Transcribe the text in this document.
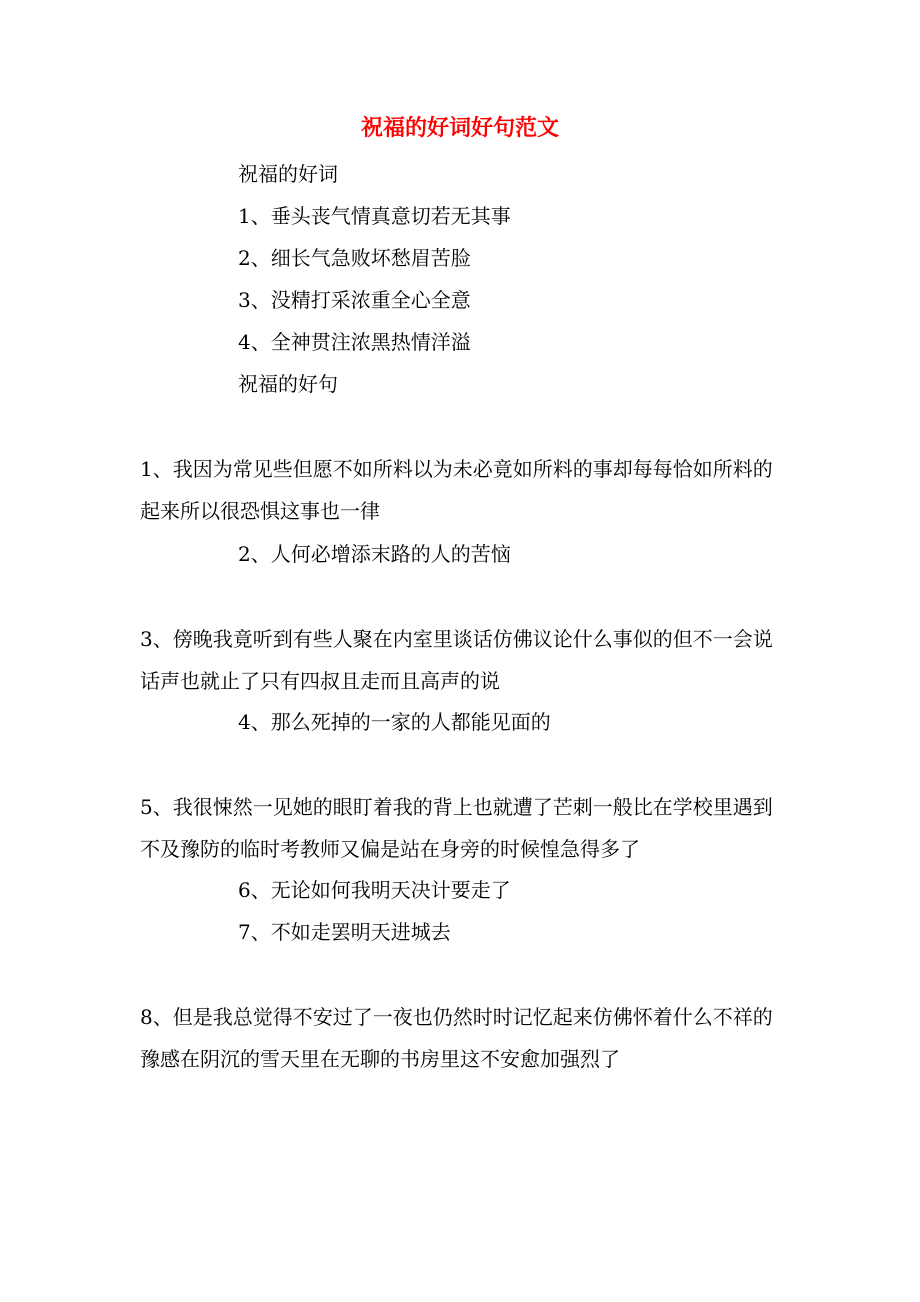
祝福的好词好句范文
祝福的好词
1、垂头丧气情真意切若无其事
2、细长气急败坏愁眉苦脸
3、没精打采浓重全心全意
4、全神贯注浓黑热情洋溢
祝福的好句
1、我因为常见些但愿不如所料以为未必竟如所料的事却每每恰如所料的起来所以很恐惧这事也一律
2、人何必增添末路的人的苦恼
3、傍晚我竟听到有些人聚在内室里谈话仿佛议论什么事似的但不一会说话声也就止了只有四叔且走而且高声的说
4、那么死掉的一家的人都能见面的
5、我很悚然一见她的眼盯着我的背上也就遭了芒刺一般比在学校里遇到不及豫防的临时考教师又偏是站在身旁的时候惶急得多了
6、无论如何我明天决计要走了
7、不如走罢明天进城去
8、但是我总觉得不安过了一夜也仍然时时记忆起来仿佛怀着什么不祥的豫感在阴沉的雪天里在无聊的书房里这不安愈加强烈了
